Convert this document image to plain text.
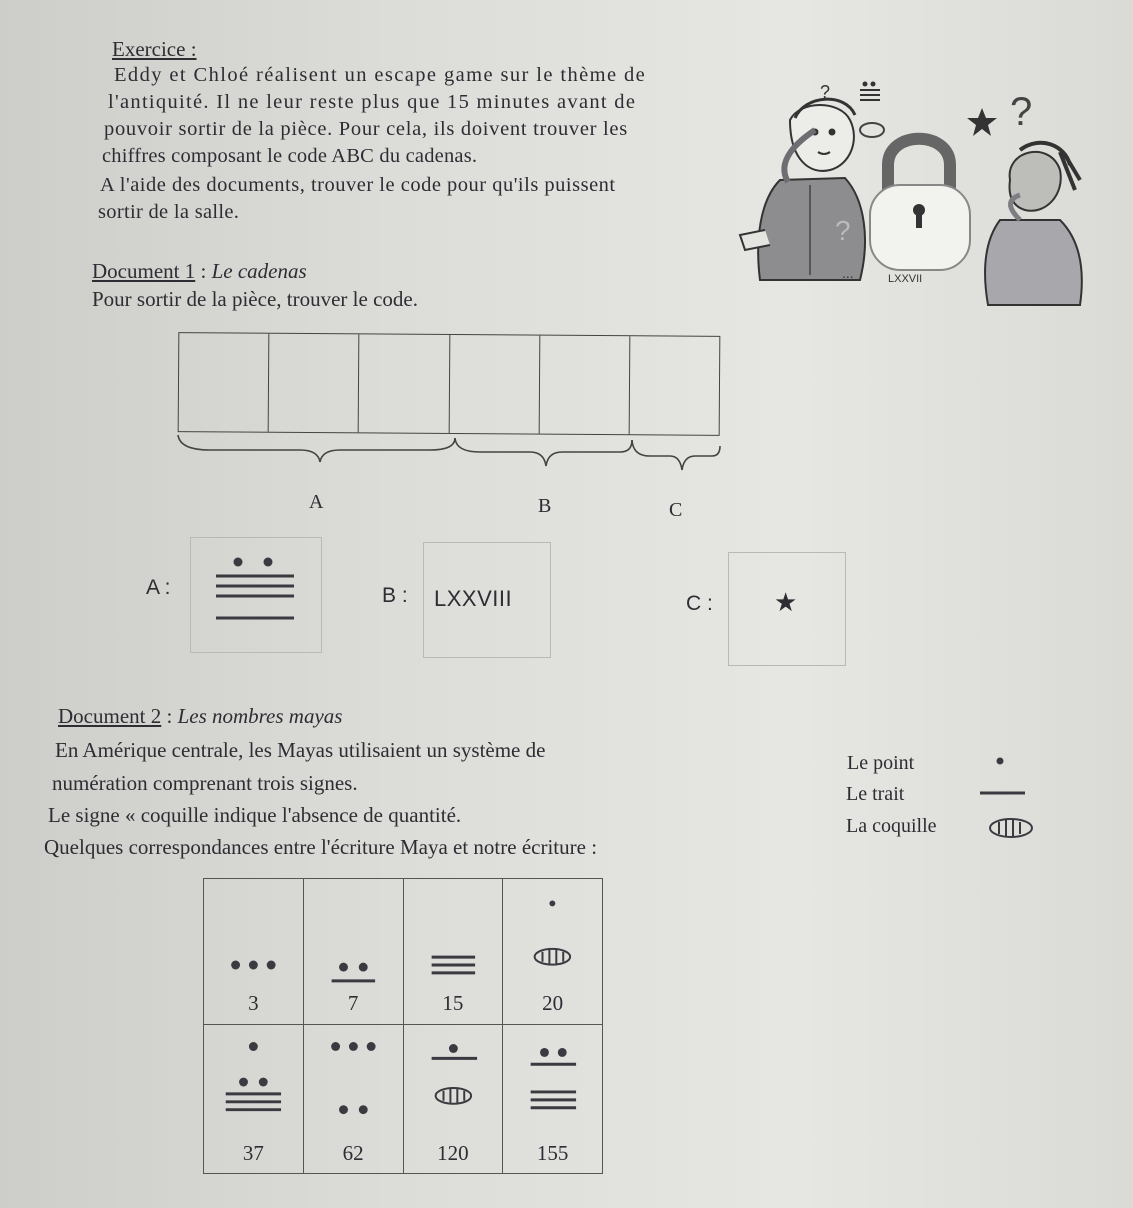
Exercice :
Eddy et Chloé réalisent un escape game sur le thème de
l'antiquité. Il ne leur reste plus que 15 minutes avant de
pouvoir sortir de la pièce. Pour cela, ils doivent trouver les
chiffres composant le code ABC du cadenas.
A l'aide des documents, trouver le code pour qu'ils puissent
sortir de la salle.
?	?
?
LXXVII
...
Document 1 : Le cadenas
Pour sortir de la pièce, trouver le code.
A	B	C
A :	B : LXXVIII	C : ★
Document 2 : Les nombres mayas
En Amérique centrale, les Mayas utilisaient un système de
numération comprenant trois signes.
Le signe « coquille indique l'absence de quantité.
Quelques correspondances entre l'écriture Maya et notre écriture :
Le point
Le trait
La coquille
3	7	15	20
37	62	120	155
